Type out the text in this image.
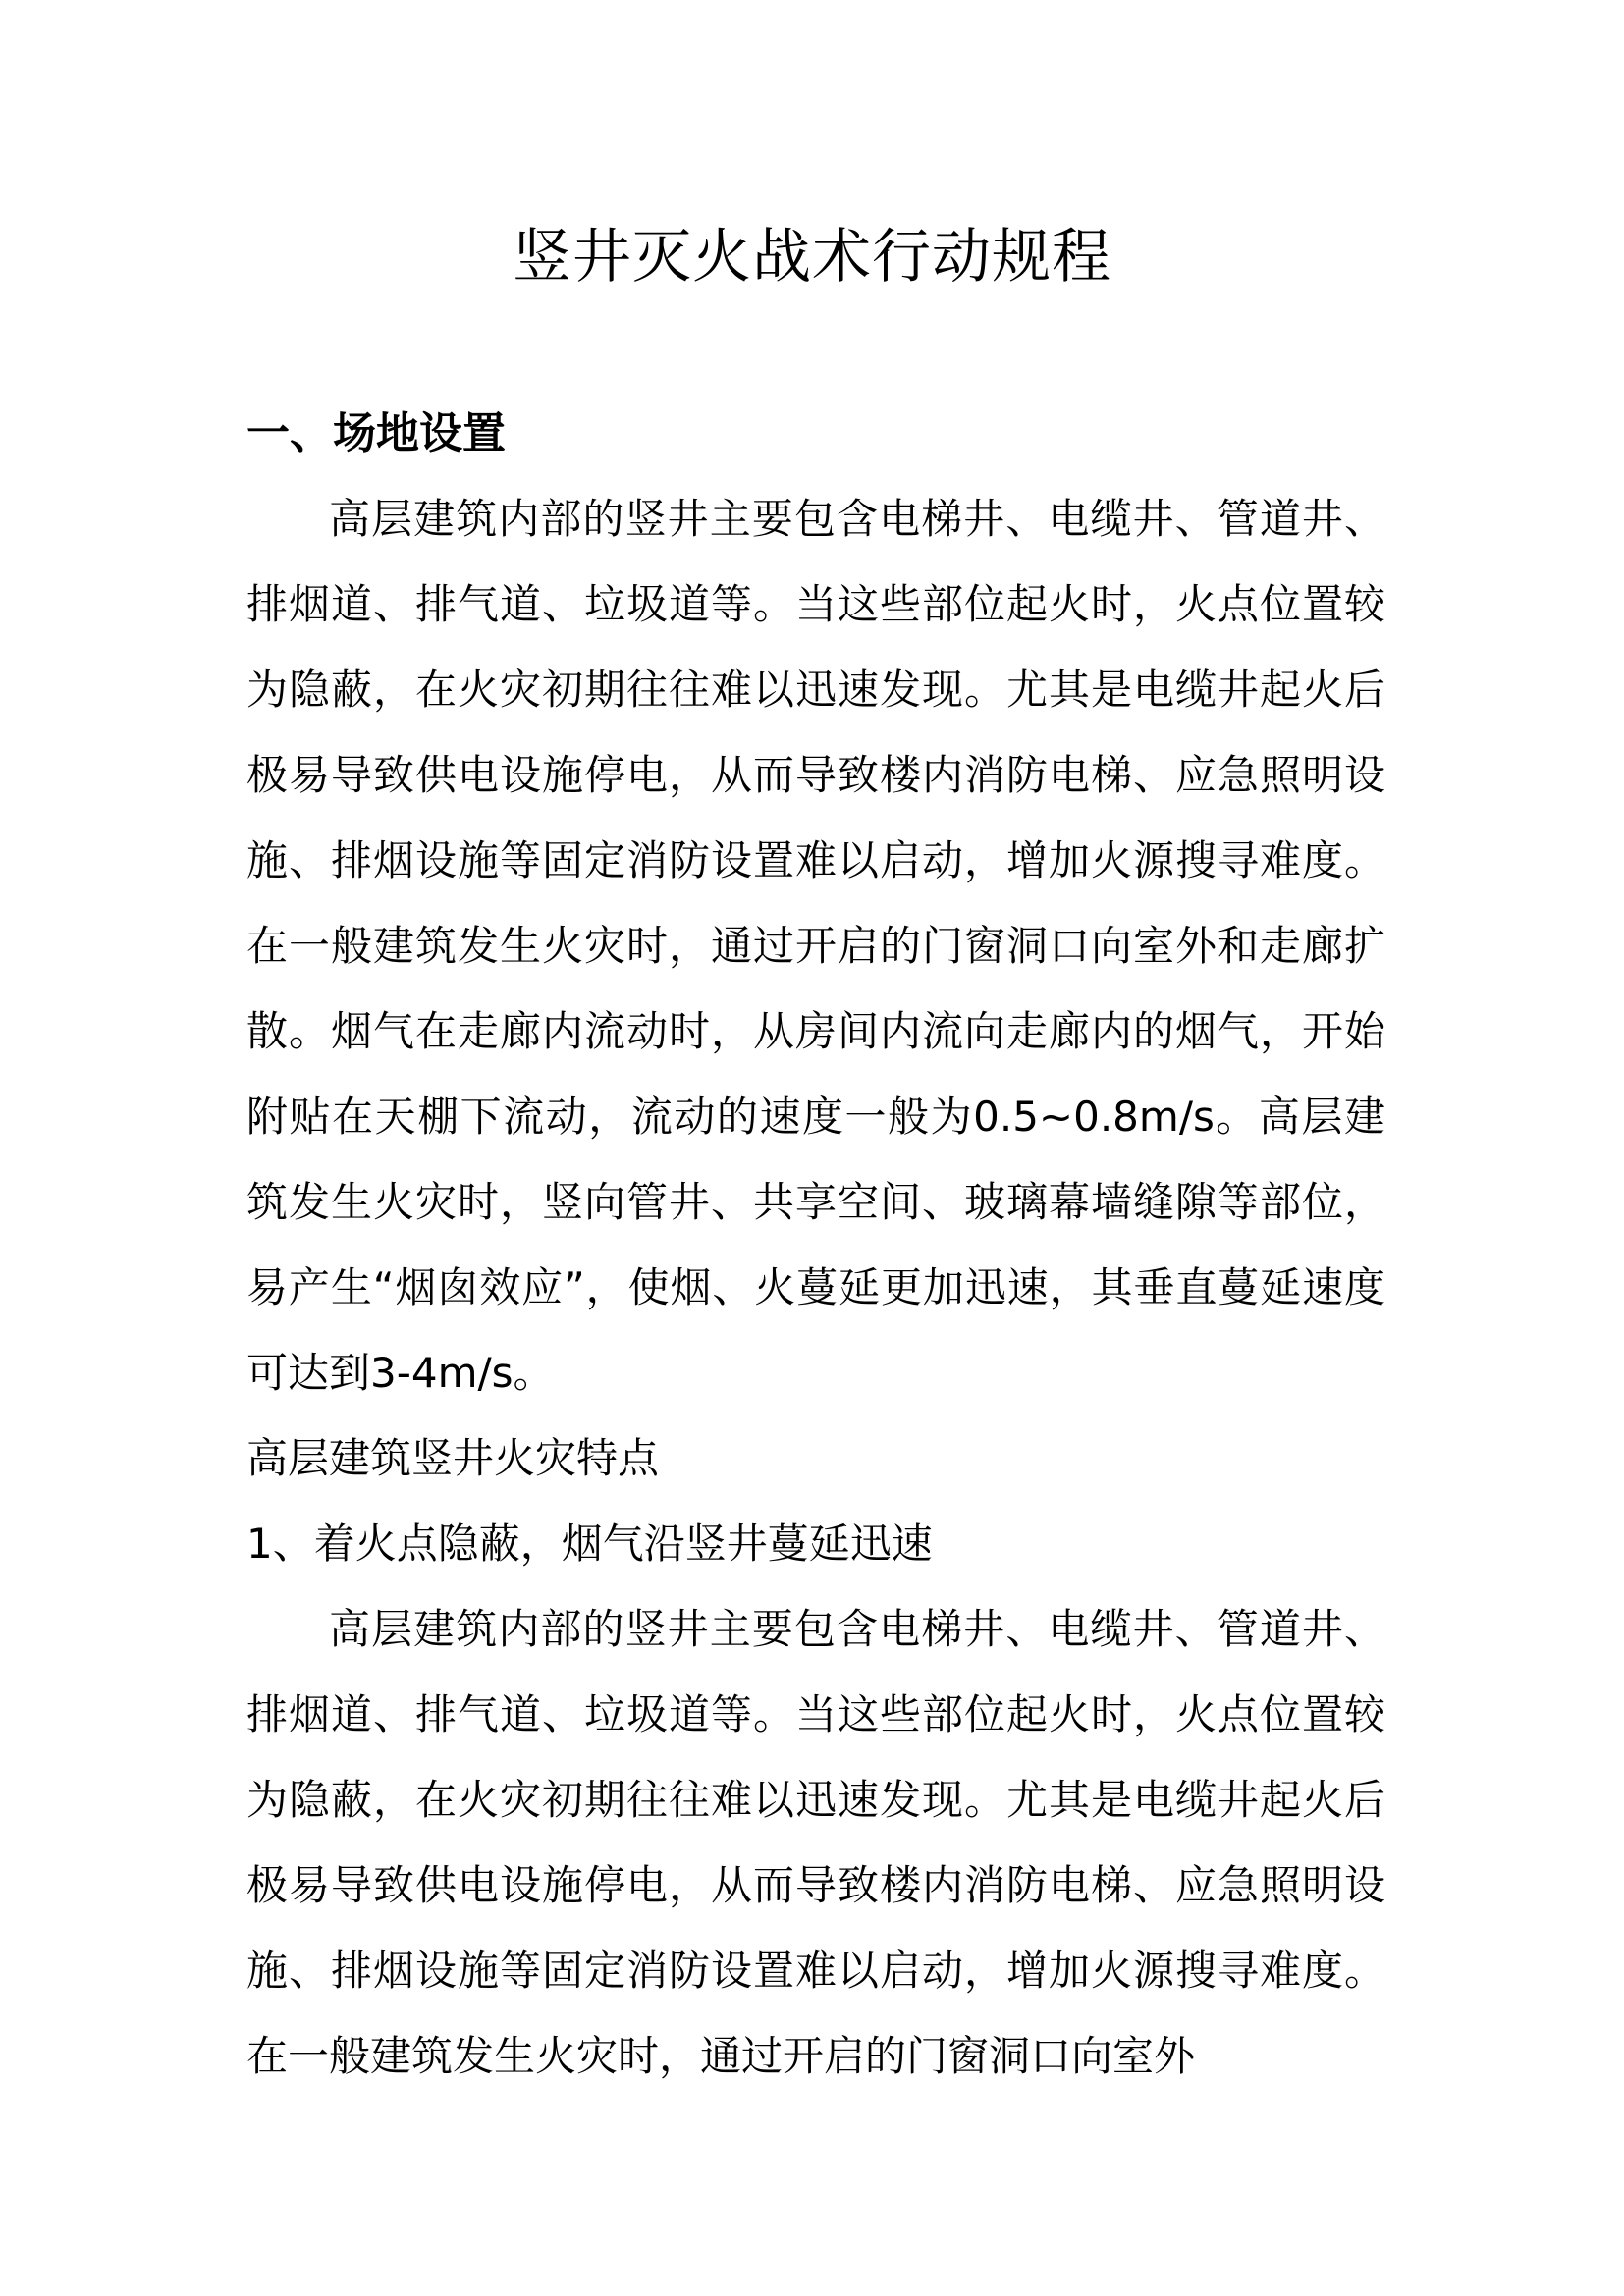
竖井灭火战术行动规程
一、场地设置

高层建筑内部的竖井主要包含电梯井、电缆井、管道井、排烟道、排气道、垃圾道等。当这些部位起火时，火点位置较为隐蔽，在火灾初期往往难以迅速发现。尤其是电缆井起火后极易导致供电设施停电，从而导致楼内消防电梯、应急照明设施、排烟设施等固定消防设置难以启动，增加火源搜寻难度。在一般建筑发生火灾时，通过开启的门窗洞口向室外和走廊扩散。烟气在走廊内流动时，从房间内流向走廊内的烟气，开始附贴在天棚下流动，流动的速度一般为0.5~0.8m/s。高层建筑发生火灾时，竖向管井、共享空间、玻璃幕墙缝隙等部位，易产生“烟囱效应”，使烟、火蔓延更加迅速，其垂直蔓延速度可达到3-4m/s。

高层建筑竖井火灾特点

1、着火点隐蔽，烟气沿竖井蔓延迅速

高层建筑内部的竖井主要包含电梯井、电缆井、管道井、排烟道、排气道、垃圾道等。当这些部位起火时，火点位置较为隐蔽，在火灾初期往往难以迅速发现。尤其是电缆井起火后极易导致供电设施停电，从而导致楼内消防电梯、应急照明设施、排烟设施等固定消防设置难以启动，增加火源搜寻难度。在一般建筑发生火灾时，通过开启的门窗洞口向室外
